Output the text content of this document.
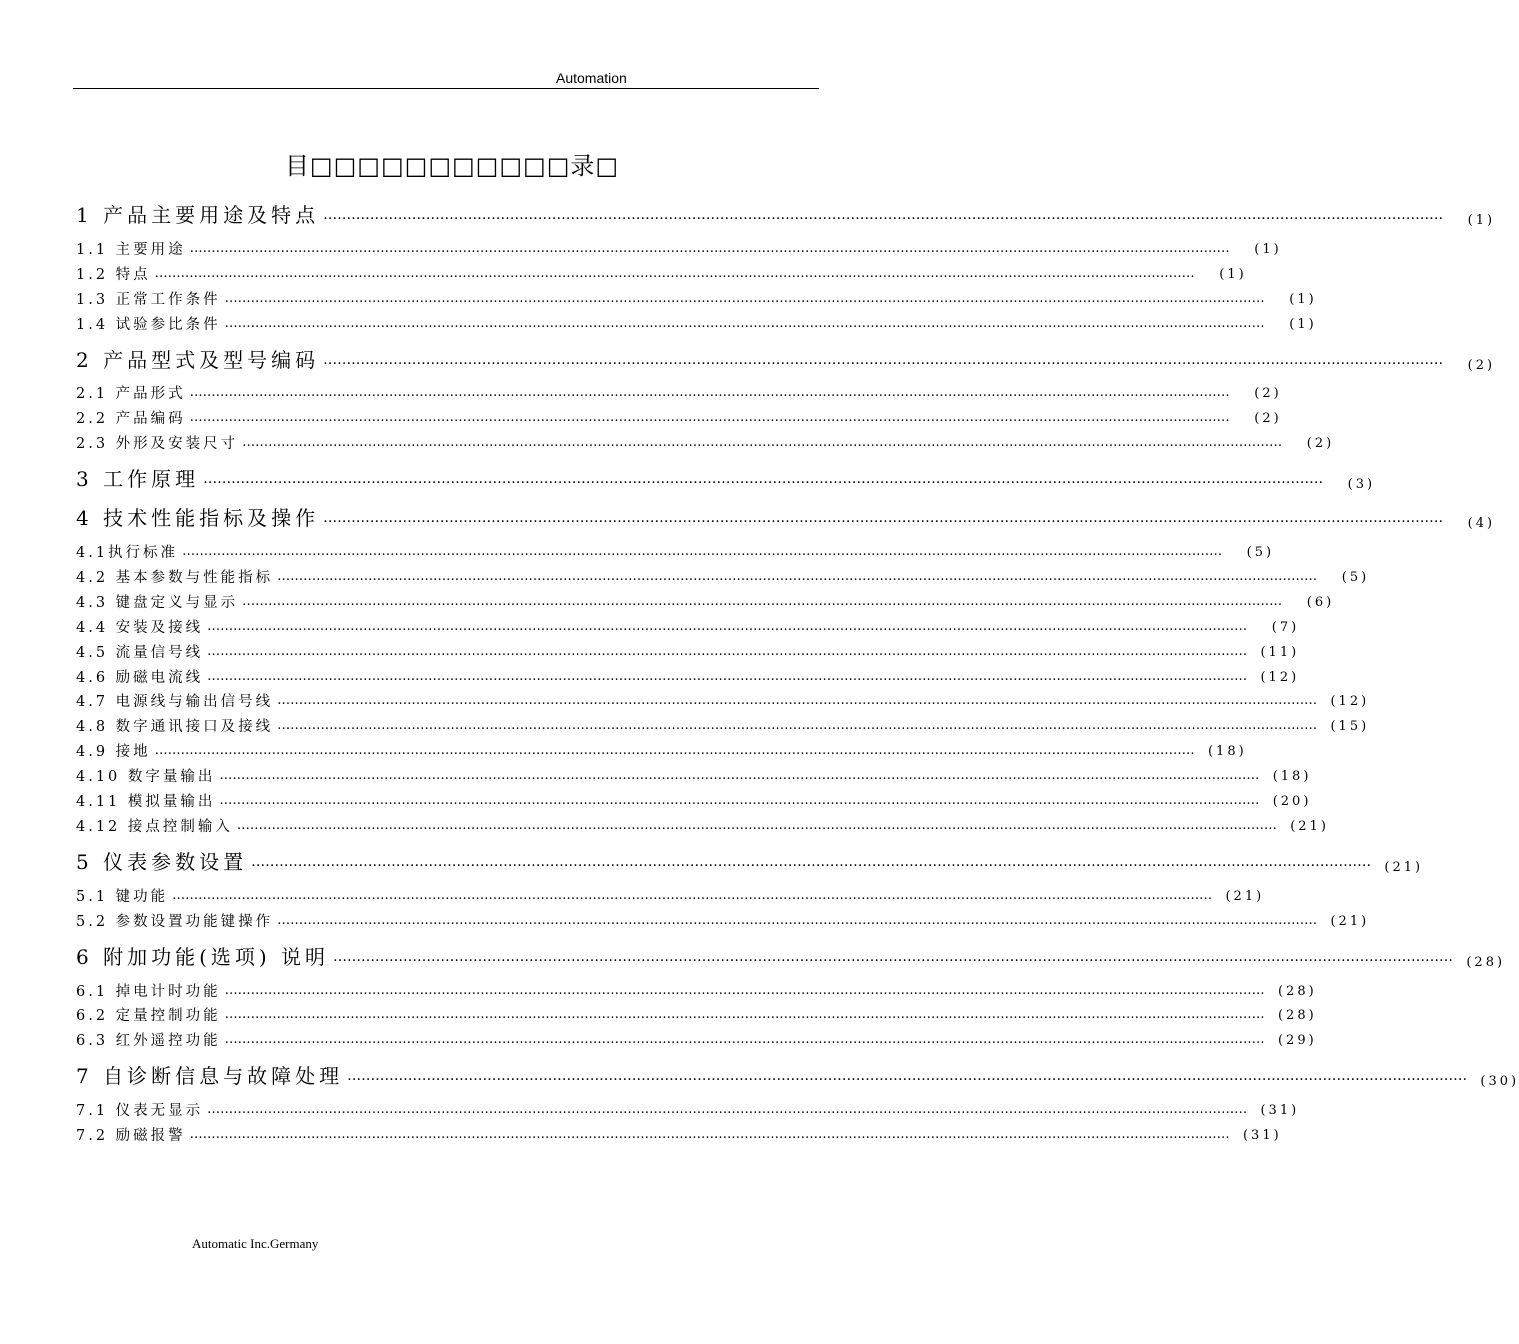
Automation
目□□□□□□□□□□□录□
1 产品主要用途及特点 ……………………………………………………………………………………………………………………………………………………………………………………………………………………	(1)
1.1 主要用途 ……………………………………………………………………………………………………………………………………………………………………………………………………………………	(1)
1.2 特点 ……………………………………………………………………………………………………………………………………………………………………………………………………………………	(1)
1.3 正常工作条件 ……………………………………………………………………………………………………………………………………………………………………………………………………………………	(1)
1.4 试验参比条件 ……………………………………………………………………………………………………………………………………………………………………………………………………………………	(1)
2 产品型式及型号编码 ……………………………………………………………………………………………………………………………………………………………………………………………………………………	(2)
2.1 产品形式 ……………………………………………………………………………………………………………………………………………………………………………………………………………………	(2)
2.2 产品编码 ……………………………………………………………………………………………………………………………………………………………………………………………………………………	(2)
2.3 外形及安装尺寸 ……………………………………………………………………………………………………………………………………………………………………………………………………………………	(2)
3 工作原理 ……………………………………………………………………………………………………………………………………………………………………………………………………………………	(3)
4 技术性能指标及操作 ……………………………………………………………………………………………………………………………………………………………………………………………………………………	(4)
4.1执行标准 ……………………………………………………………………………………………………………………………………………………………………………………………………………………	(5)
4.2 基本参数与性能指标 ……………………………………………………………………………………………………………………………………………………………………………………………………………………	(5)
4.3 键盘定义与显示 ……………………………………………………………………………………………………………………………………………………………………………………………………………………	(6)
4.4 安装及接线 ……………………………………………………………………………………………………………………………………………………………………………………………………………………	(7)
4.5 流量信号线 ……………………………………………………………………………………………………………………………………………………………………………………………………………………	(11)
4.6 励磁电流线 ……………………………………………………………………………………………………………………………………………………………………………………………………………………	(12)
4.7 电源线与输出信号线 ……………………………………………………………………………………………………………………………………………………………………………………………………………………	(12)
4.8 数字通讯接口及接线 ……………………………………………………………………………………………………………………………………………………………………………………………………………………	(15)
4.9 接地 ……………………………………………………………………………………………………………………………………………………………………………………………………………………	(18)
4.10 数字量输出 ……………………………………………………………………………………………………………………………………………………………………………………………………………………	(18)
4.11 模拟量输出 ……………………………………………………………………………………………………………………………………………………………………………………………………………………	(20)
4.12 接点控制输入 ……………………………………………………………………………………………………………………………………………………………………………………………………………………	(21)
5 仪表参数设置 ……………………………………………………………………………………………………………………………………………………………………………………………………………………	(21)
5.1 键功能 ……………………………………………………………………………………………………………………………………………………………………………………………………………………	(21)
5.2 参数设置功能键操作 ……………………………………………………………………………………………………………………………………………………………………………………………………………………	(21)
6 附加功能(选项) 说明 ……………………………………………………………………………………………………………………………………………………………………………………………………………………	(28)
6.1 掉电计时功能 ……………………………………………………………………………………………………………………………………………………………………………………………………………………	(28)
6.2 定量控制功能 ……………………………………………………………………………………………………………………………………………………………………………………………………………………	(28)
6.3 红外遥控功能 ……………………………………………………………………………………………………………………………………………………………………………………………………………………	(29)
7 自诊断信息与故障处理 ……………………………………………………………………………………………………………………………………………………………………………………………………………………	(30)
7.1 仪表无显示 ……………………………………………………………………………………………………………………………………………………………………………………………………………………	(31)
7.2 励磁报警 ……………………………………………………………………………………………………………………………………………………………………………………………………………………	(31)
Automatic Inc.Germany
